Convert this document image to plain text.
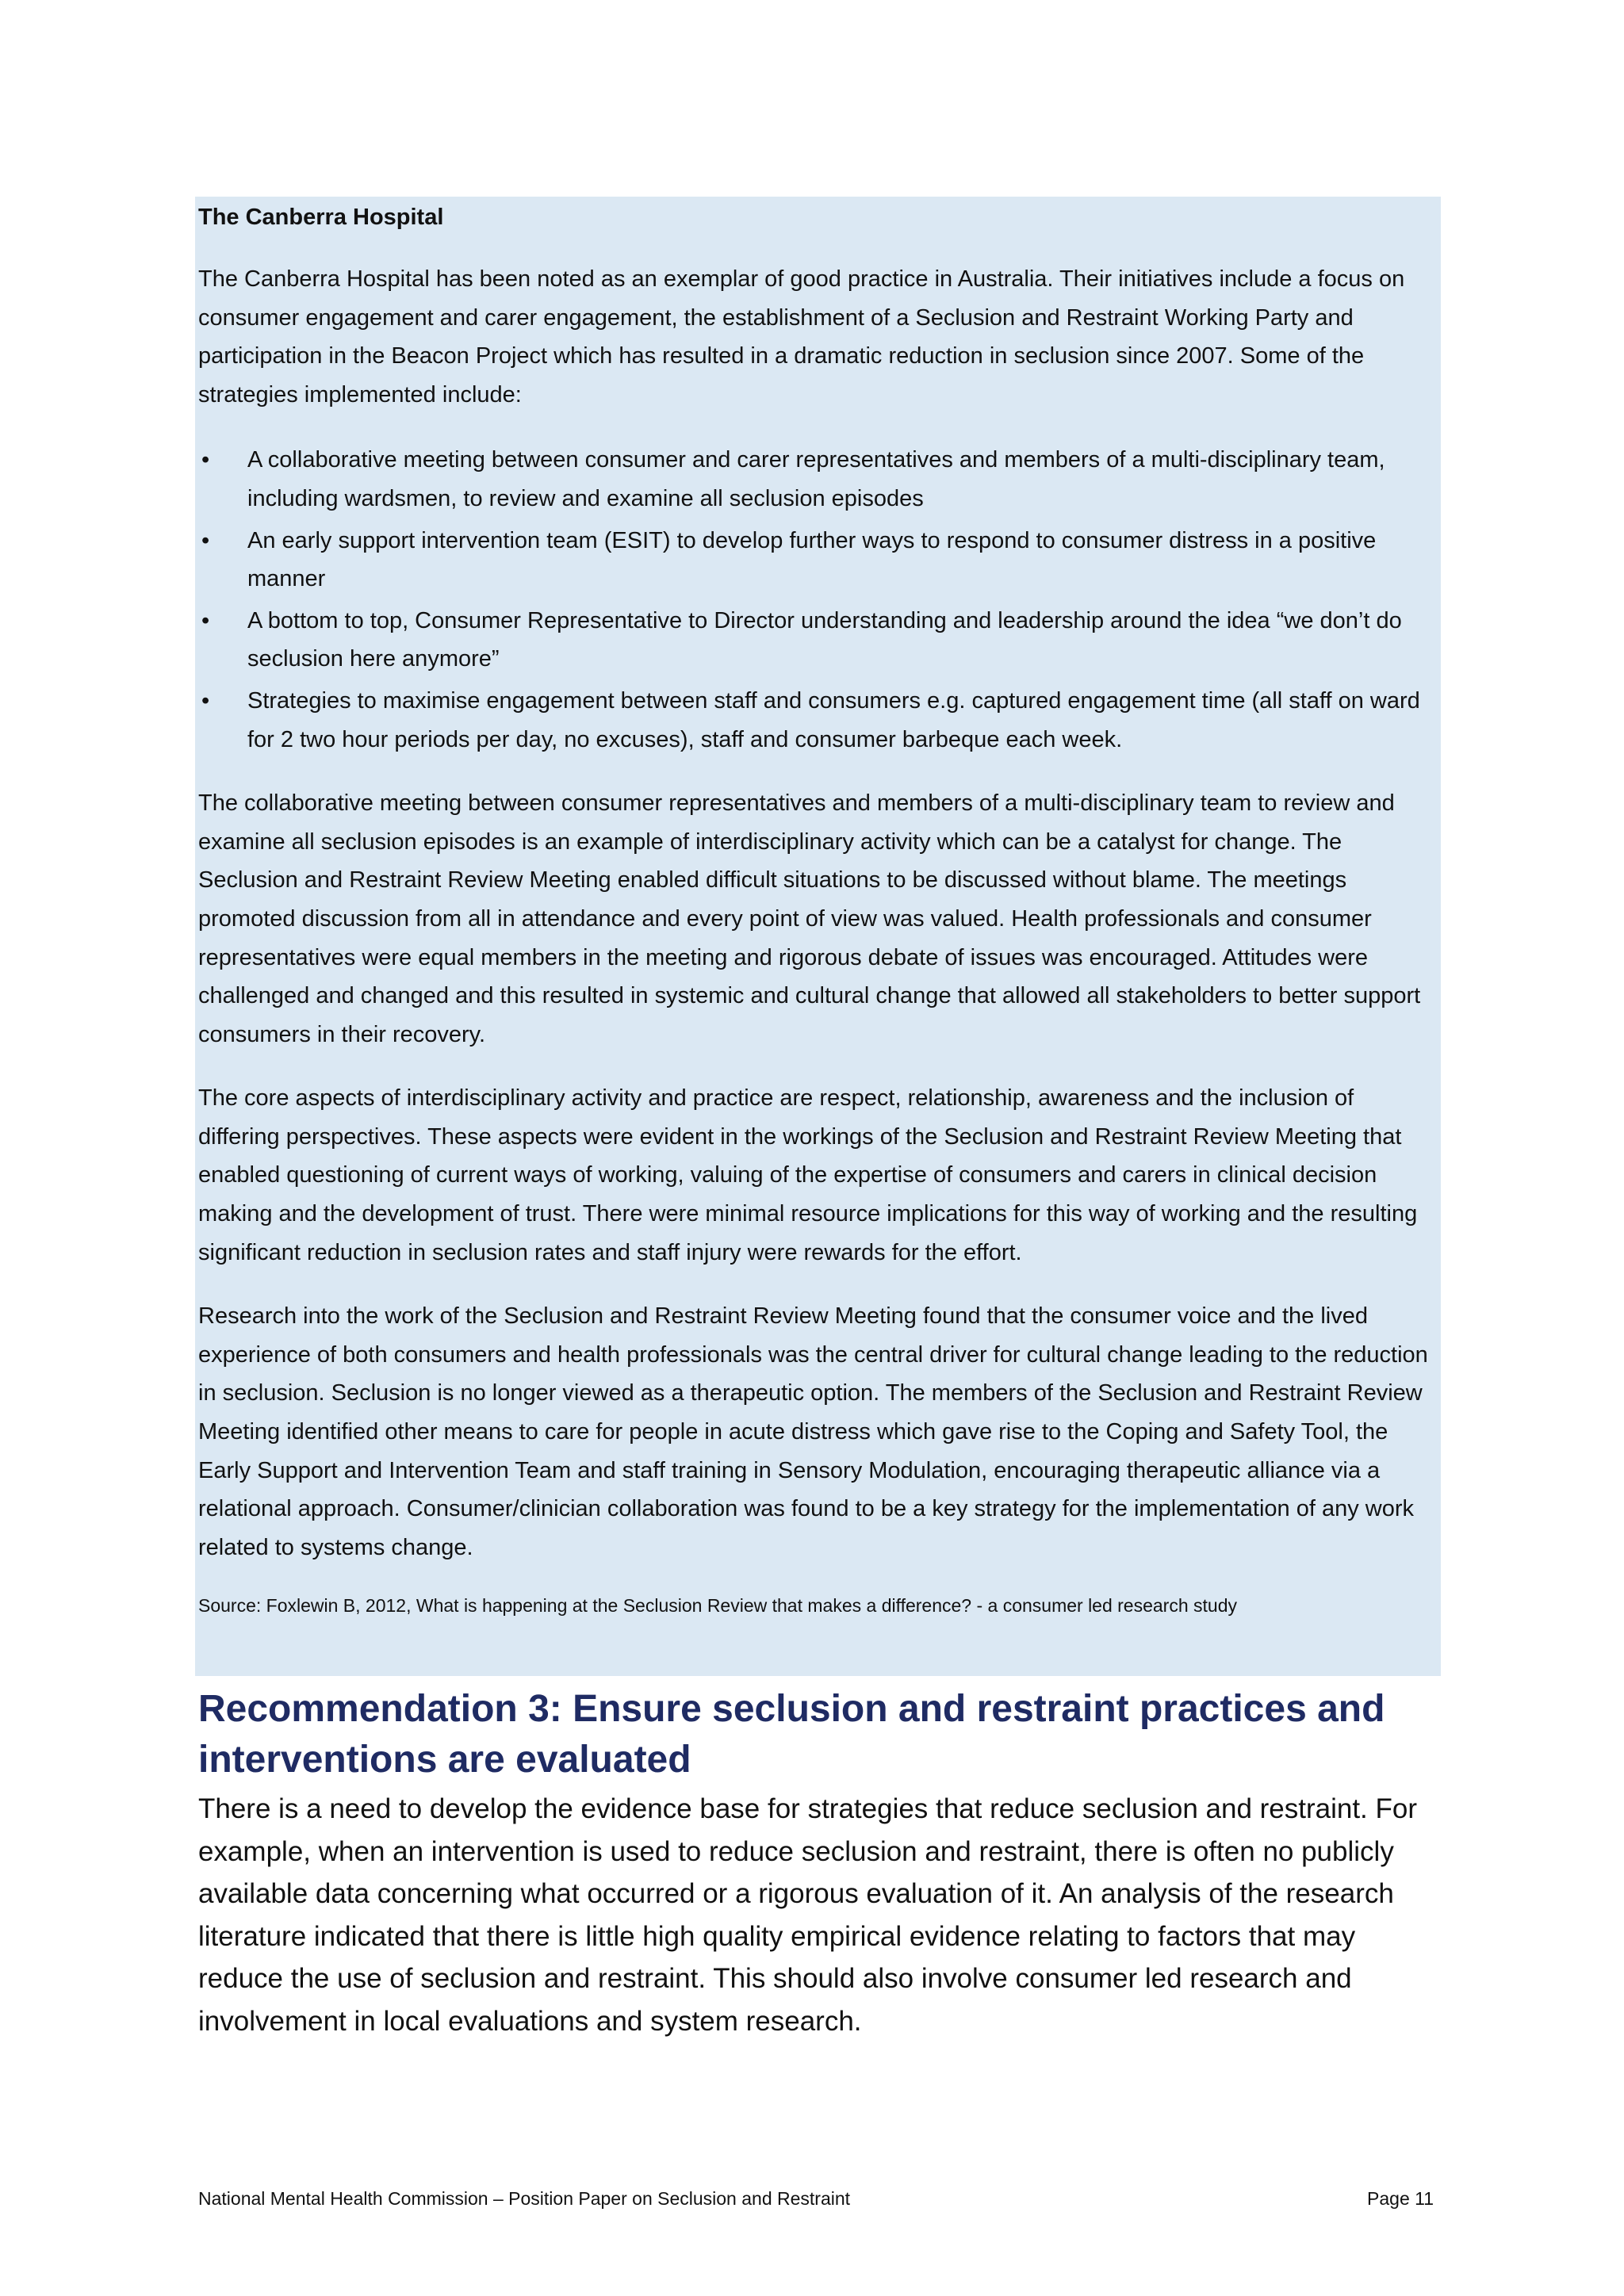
The Canberra Hospital

The Canberra Hospital has been noted as an exemplar of good practice in Australia. Their initiatives include a focus on consumer engagement and carer engagement, the establishment of a Seclusion and Restraint Working Party and participation in the Beacon Project which has resulted in a dramatic reduction in seclusion since 2007. Some of the strategies implemented include:

• A collaborative meeting between consumer and carer representatives and members of a multi-disciplinary team, including wardsmen, to review and examine all seclusion episodes
• An early support intervention team (ESIT) to develop further ways to respond to consumer distress in a positive manner
• A bottom to top, Consumer Representative to Director understanding and leadership around the idea “we don’t do seclusion here anymore”
• Strategies to maximise engagement between staff and consumers e.g. captured engagement time (all staff on ward for 2 two hour periods per day, no excuses), staff and consumer barbeque each week.

The collaborative meeting between consumer representatives and members of a multi-disciplinary team to review and examine all seclusion episodes is an example of interdisciplinary activity which can be a catalyst for change. The Seclusion and Restraint Review Meeting enabled difficult situations to be discussed without blame. The meetings promoted discussion from all in attendance and every point of view was valued. Health professionals and consumer representatives were equal members in the meeting and rigorous debate of issues was encouraged. Attitudes were challenged and changed and this resulted in systemic and cultural change that allowed all stakeholders to better support consumers in their recovery.

The core aspects of interdisciplinary activity and practice are respect, relationship, awareness and the inclusion of differing perspectives. These aspects were evident in the workings of the Seclusion and Restraint Review Meeting that enabled questioning of current ways of working, valuing of the expertise of consumers and carers in clinical decision making and the development of trust. There were minimal resource implications for this way of working and the resulting significant reduction in seclusion rates and staff injury were rewards for the effort.

Research into the work of the Seclusion and Restraint Review Meeting found that the consumer voice and the lived experience of both consumers and health professionals was the central driver for cultural change leading to the reduction in seclusion. Seclusion is no longer viewed as a therapeutic option. The members of the Seclusion and Restraint Review Meeting identified other means to care for people in acute distress which gave rise to the Coping and Safety Tool, the Early Support and Intervention Team and staff training in Sensory Modulation, encouraging therapeutic alliance via a relational approach. Consumer/clinician collaboration was found to be a key strategy for the implementation of any work related to systems change.

Source: Foxlewin B, 2012, What is happening at the Seclusion Review that makes a difference? - a consumer led research study
Recommendation 3: Ensure seclusion and restraint practices and interventions are evaluated

There is a need to develop the evidence base for strategies that reduce seclusion and restraint. For example, when an intervention is used to reduce seclusion and restraint, there is often no publicly available data concerning what occurred or a rigorous evaluation of it. An analysis of the research literature indicated that there is little high quality empirical evidence relating to factors that may reduce the use of seclusion and restraint. This should also involve consumer led research and involvement in local evaluations and system research.

National Mental Health Commission – Position Paper on Seclusion and Restraint	Page 11
